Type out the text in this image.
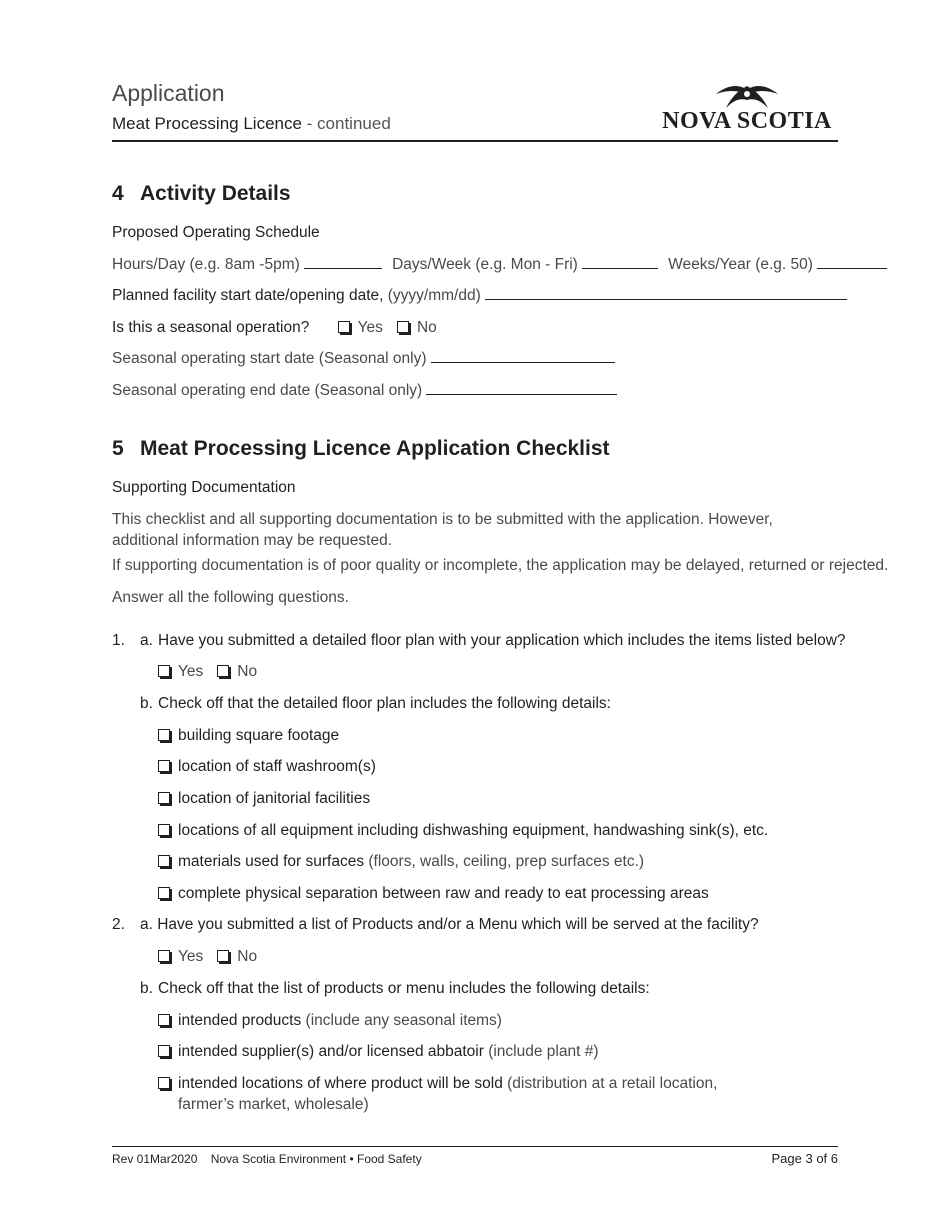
Application
Meat Processing Licence - continued	NOVA SCOTIA
4 Activity Details
Proposed Operating Schedule
Hours/Day (e.g. 8am -5pm)	Days/Week (e.g. Mon - Fri)	Weeks/Year (e.g. 50)
Planned facility start date/opening date, (yyyy/mm/dd)
Is this a seasonal operation?	Yes No
Seasonal operating start date (Seasonal only)
Seasonal operating end date (Seasonal only)
5 Meat Processing Licence Application Checklist
Supporting Documentation
This checklist and all supporting documentation is to be submitted with the application. However, additional information may be requested.
If supporting documentation is of poor quality or incomplete, the application may be delayed, returned or rejected.
Answer all the following questions.
1. a. Have you submitted a detailed floor plan with your application which includes the items listed below?
Yes No
b. Check off that the detailed floor plan includes the following details:
building square footage
location of staff washroom(s)
location of janitorial facilities
locations of all equipment including dishwashing equipment, handwashing sink(s), etc.
materials used for surfaces (floors, walls, ceiling, prep surfaces etc.)
complete physical separation between raw and ready to eat processing areas
2. a. Have you submitted a list of Products and/or a Menu which will be served at the facility?
Yes No
b. Check off that the list of products or menu includes the following details:
intended products (include any seasonal items)
intended supplier(s) and/or licensed abbatoir (include plant #)
intended locations of where product will be sold (distribution at a retail location,
farmer’s market, wholesale)
Rev 01Mar2020    Nova Scotia Environment • Food Safety	Page 3 of 6
